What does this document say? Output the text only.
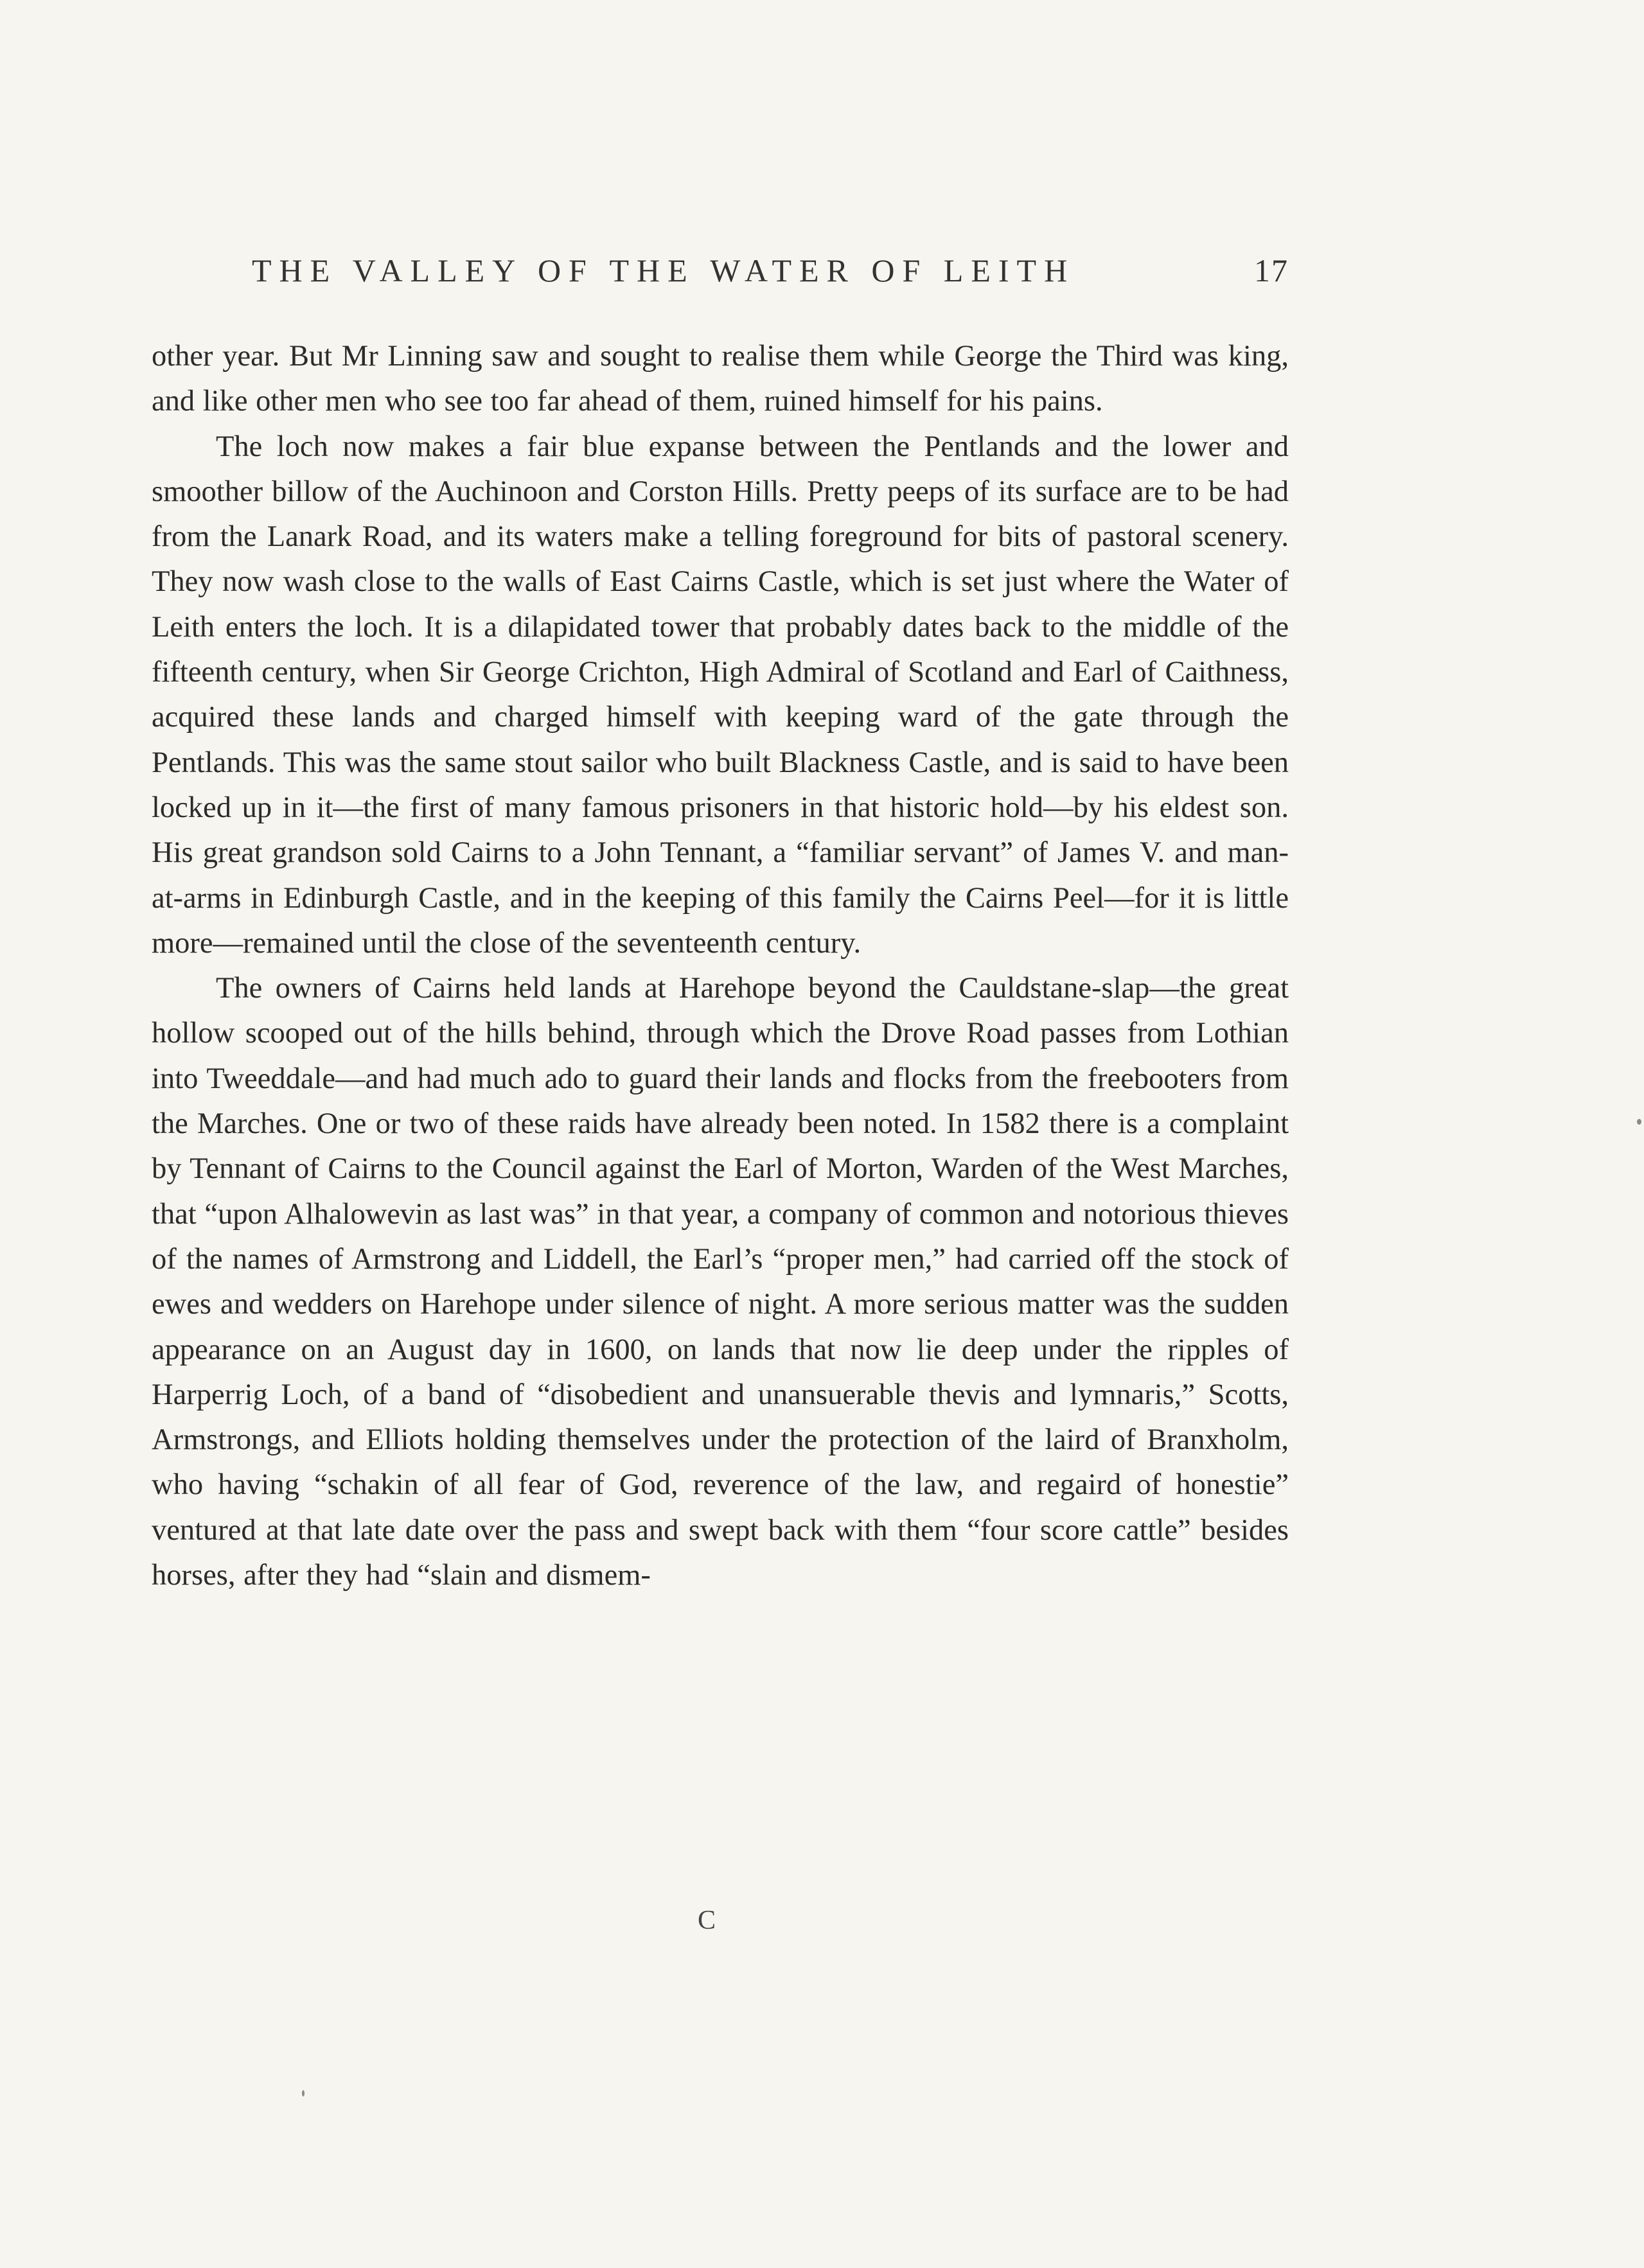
THE VALLEY OF THE WATER OF LEITH	17

other year. But Mr Linning saw and sought to realise them while George the Third was king, and like other men who see too far ahead of them, ruined himself for his pains.

The loch now makes a fair blue expanse between the Pentlands and the lower and smoother billow of the Auchinoon and Corston Hills. Pretty peeps of its surface are to be had from the Lanark Road, and its waters make a telling foreground for bits of pastoral scenery. They now wash close to the walls of East Cairns Castle, which is set just where the Water of Leith enters the loch. It is a dilapidated tower that probably dates back to the middle of the fifteenth century, when Sir George Crichton, High Admiral of Scotland and Earl of Caithness, acquired these lands and charged himself with keeping ward of the gate through the Pentlands. This was the same stout sailor who built Blackness Castle, and is said to have been locked up in it—the first of many famous prisoners in that historic hold—by his eldest son. His great grandson sold Cairns to a John Tennant, a “familiar servant” of James V. and man-at-arms in Edinburgh Castle, and in the keeping of this family the Cairns Peel—for it is little more—remained until the close of the seventeenth century.

The owners of Cairns held lands at Harehope beyond the Cauldstane-slap—the great hollow scooped out of the hills behind, through which the Drove Road passes from Lothian into Tweeddale—and had much ado to guard their lands and flocks from the freebooters from the Marches. One or two of these raids have already been noted. In 1582 there is a complaint by Tennant of Cairns to the Council against the Earl of Morton, Warden of the West Marches, that “upon Alhalowevin as last was” in that year, a company of common and notorious thieves of the names of Armstrong and Liddell, the Earl’s “proper men,” had carried off the stock of ewes and wedders on Harehope under silence of night. A more serious matter was the sudden appearance on an August day in 1600, on lands that now lie deep under the ripples of Harperrig Loch, of a band of “disobedient and unansuerable thevis and lymnaris,” Scotts, Armstrongs, and Elliots holding themselves under the protection of the laird of Branxholm, who having “schakin of all fear of God, reverence of the law, and regaird of honestie” ventured at that late date over the pass and swept back with them “four score cattle” besides horses, after they had “slain and dismem-

C
